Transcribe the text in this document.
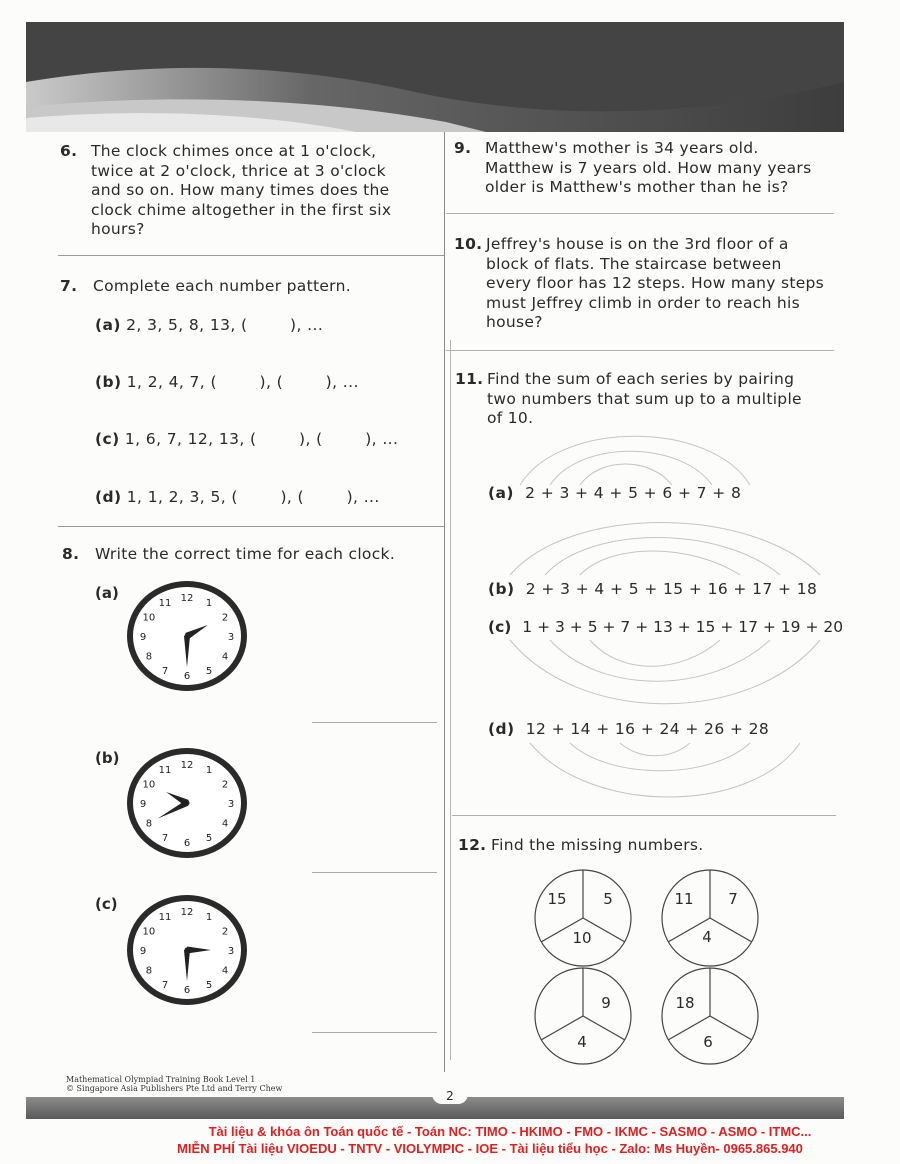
6. The clock chimes once at 1 o'clock, twice at 2 o'clock, thrice at 3 o'clock and so on. How many times does the clock chime altogether in the first six hours?
7. Complete each number pattern.
(a) 2, 3, 5, 8, 13, (        ), ...
(b) 1, 2, 4, 7, (        ), (        ), ...
(c) 1, 6, 7, 12, 13, (        ), (        ), ...
(d) 1, 1, 2, 3, 5, (        ), (        ), ...
8. Write the correct time for each clock.
(a)	12 1
2
3
4
5
6
7
8
9
10
11
(b)	12 1
2
3
4
5
6
7
8
9
10
11
(c)	12 1
2
3
4
5
6
7
8
9
10
11
9. Matthew's mother is 34 years old. Matthew is 7 years old. How many years older is Matthew's mother than he is?
10. Jeffrey's house is on the 3rd floor of a block of flats. The staircase between every floor has 12 steps. How many steps must Jeffrey climb in order to reach his house?
11. Find the sum of each series by pairing two numbers that sum up to a multiple of 10.
(a) 2 + 3 + 4 + 5 + 6 + 7 + 8
(b) 2 + 3 + 4 + 5 + 15 + 16 + 17 + 18
(c) 1 + 3 + 5 + 7 + 13 + 15 + 17 + 19 + 20
(d) 12 + 14 + 16 + 24 + 26 + 28
12. Find the missing numbers.
15	5
10
11	7
4
9
4
18
6
Mathematical Olympiad Training Book Level 1
© Singapore Asia Publishers Pte Ltd and Terry Chew
2
Tài liệu & khóa ôn Toán quốc tế - Toán NC: TIMO - HKIMO - FMO - IKMC - SASMO - ASMO - ITMC...
MIỄN PHÍ Tài liệu VIOEDU - TNTV - VIOLYMPIC - IOE - Tài liệu tiểu học - Zalo: Ms Huyền- 0965.865.940
